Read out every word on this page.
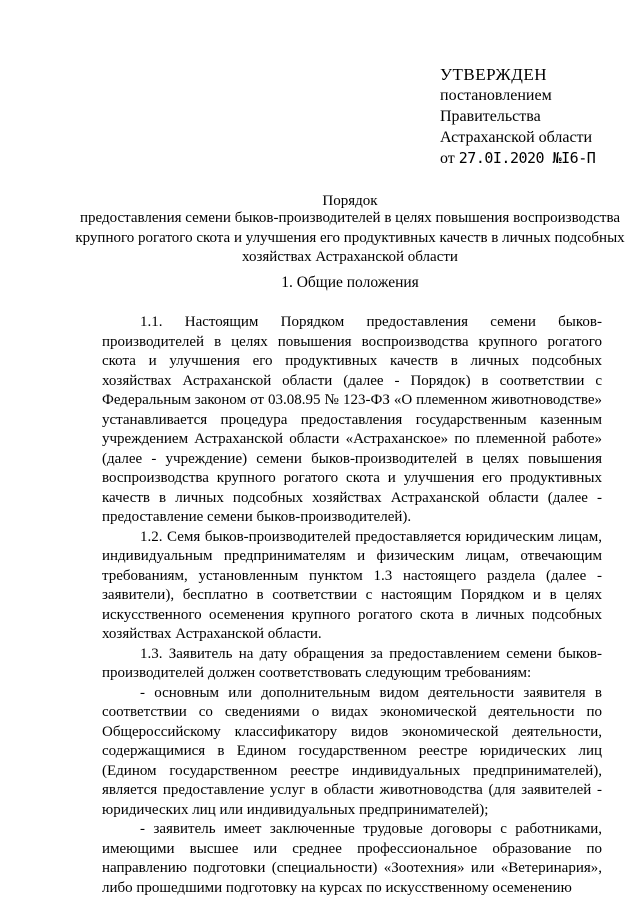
УТВЕРЖДЕН
постановлением
Правительства
Астраханской области
от 27.0I.2020 №I6-П
Порядок
предоставления семени быков-производителей в целях повышения воспроизводства крупного рогатого скота и улучшения его продуктивных качеств в личных подсобных хозяйствах Астраханской области
1. Общие положения

1.1. Настоящим Порядком предоставления семени быков-производителей в целях повышения воспроизводства крупного рогатого скота и улучшения его продуктивных качеств в личных подсобных хозяйствах Астраханской области (далее - Порядок) в соответствии с Федеральным законом от 03.08.95 № 123-ФЗ «О племенном животноводстве» устанавливается процедура предоставления государственным казенным учреждением Астраханской области «Астраханское» по племенной работе» (далее - учреждение) семени быков-производителей в целях повышения воспроизводства крупного рогатого скота и улучшения его продуктивных качеств в личных подсобных хозяйствах Астраханской области (далее - предоставление семени быков-производителей).

1.2. Семя быков-производителей предоставляется юридическим лицам, индивидуальным предпринимателям и физическим лицам, отвечающим требованиям, установленным пунктом 1.3 настоящего раздела (далее - заявители), бесплатно в соответствии с настоящим Порядком и в целях искусственного осеменения крупного рогатого скота в личных подсобных хозяйствах Астраханской области.

1.3. Заявитель на дату обращения за предоставлением семени быков-производителей должен соответствовать следующим требованиям:

- основным или дополнительным видом деятельности заявителя в соответствии со сведениями о видах экономической деятельности по Общероссийскому классификатору видов экономической деятельности, содержащимися в Едином государственном реестре юридических лиц (Едином государственном реестре индивидуальных предпринимателей), является предоставление услуг в области животноводства (для заявителей - юридических лиц или индивидуальных предпринимателей);

- заявитель имеет заключенные трудовые договоры с работниками, имеющими высшее или среднее профессиональное образование по направлению подготовки (специальности) «Зоотехния» или «Ветеринария», либо прошедшими подготовку на курсах по искусственному осеменению
